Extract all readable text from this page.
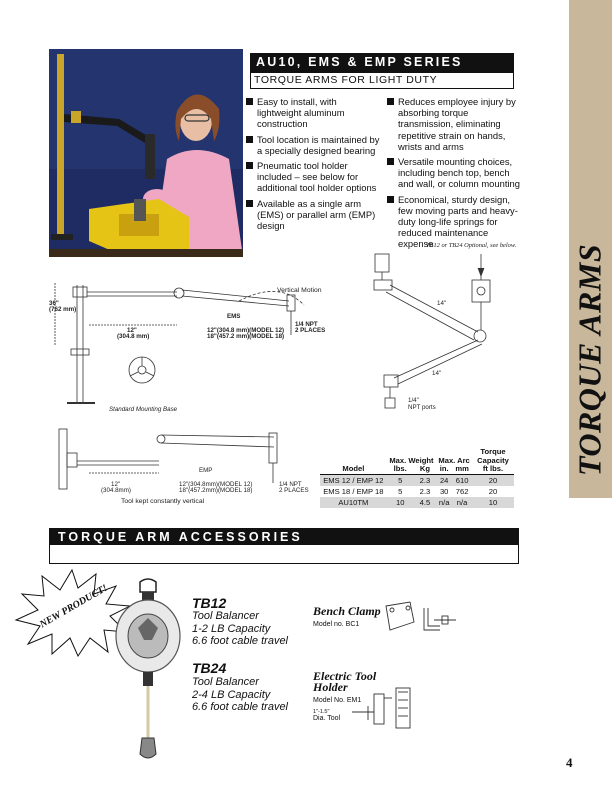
TORQUE ARMS
AU10, EMS & EMP SERIES
TORQUE ARMS FOR LIGHT DUTY
Easy to install, with lightweight aluminum construction
Tool location is maintained by a specially designed bearing
Pneumatic tool holder included – see below for additional tool holder options
Available as a single arm (EMS) or parallel arm (EMP) design
Reduces employee injury by absorbing torque transmission, eliminating repetitive strain on hands, wrists and arms
Versatile mounting choices, including bench top, bench and wall, or column mounting
Economical, sturdy design, few moving parts and heavy-duty long-life springs for reduced maintenance expense
36"
(762 mm)
Vertical Motion
EMS
12"
(304.8 mm)
12"(304.8 mm)(MODEL 12)
18"(457.2 mm)(MODEL 18)
1/4 NPT
2 PLACES
Standard Mounting Base
TB12 or TB24 Optional, see below.
14"
14"
1/4"
NPT ports
EMP
12"
(304.8mm)
12"(304.8mm)(MODEL 12)
18"(457.2mm)(MODEL 18)
1/4 NPT
2 PLACES
Tool kept constantly vertical
	Max. Weight		Max. Arc		Torque Capacity
Model	lbs.	Kg	in.	mm	ft lbs.
EMS 12 / EMP 12	5	2.3	24	610	20
EMS 18 / EMP 18	5	2.3	30	762	20
AU10TM	10	4.5	n/a	n/a	10
TORQUE ARM ACCESSORIES
NEW PRODUCT!	TB12
Tool Balancer
1-2 LB Capacity
6.6 foot cable travel
TB24
Tool Balancer
2-4 LB Capacity
6.6 foot cable travel
Bench Clamp
Model no. BC1
Electric Tool
Holder
Model No. EM1
1"-1.5"
Dia. Tool
4
